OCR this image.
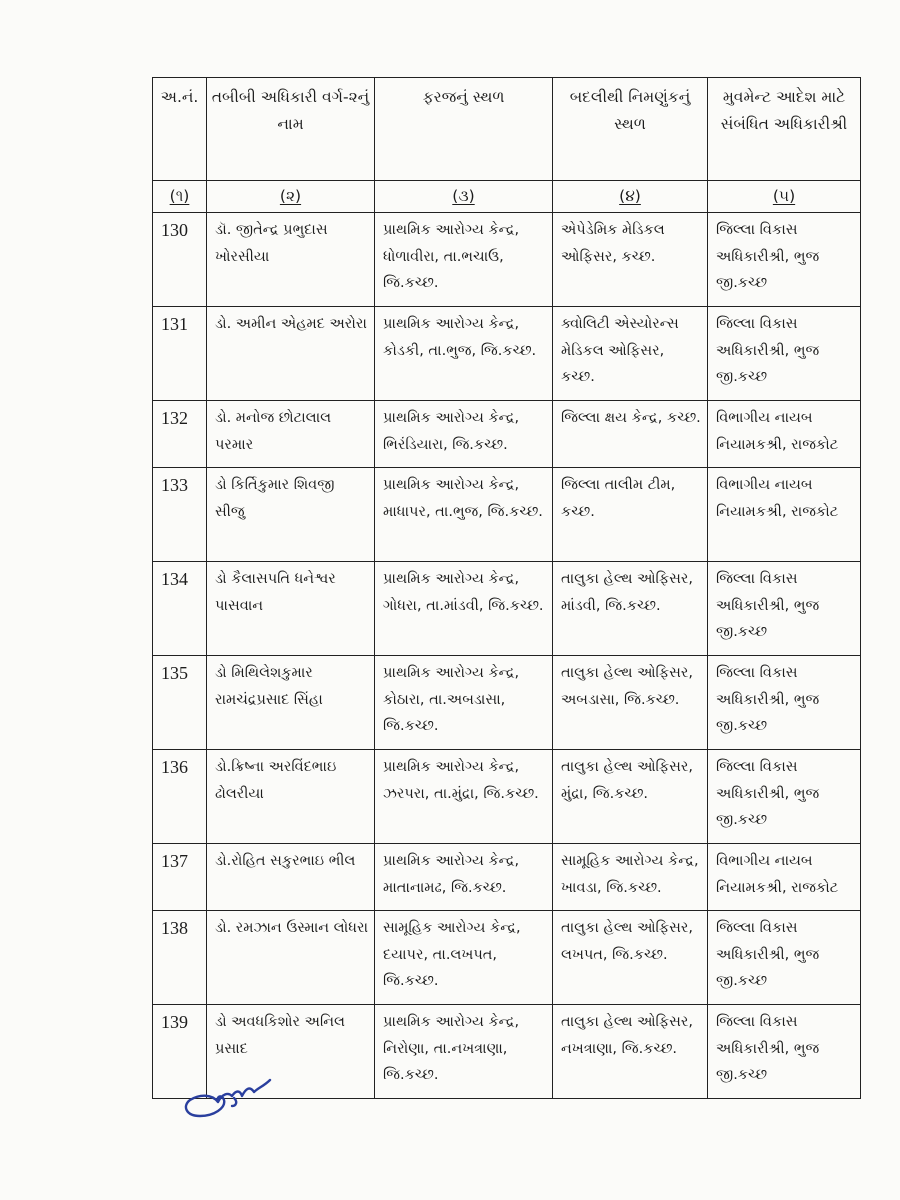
અ.નં.	તબીબી અધિકારી વર્ગ-૨નું નામ	ફરજનું સ્થળ	બદલીથી નિમણુંકનું સ્થળ	મુવમેન્ટ આદેશ માટે સંબંધિત અધિકારીશ્રી
(૧)	(૨)	(૩)	(૪)	(૫)
130	ડૉ. જીતેન્દ્ર પ્રભુદાસ ખોરસીયા	પ્રાથમિક આરોગ્ય કેન્દ્ર, ધોળાવીરા, તા.ભચાઉ, જિ.કચ્છ.	એપેડેમિક મેડિકલ ઓફિસર, કચ્છ.	જિલ્લા વિકાસ અધિકારીશ્રી, ભુજ જી.કચ્છ
131	ડો. અમીન એહમદ અરોરા	પ્રાથમિક આરોગ્ય કેન્દ્ર, કોડકી, તા.ભુજ, જિ.કચ્છ.	ક્વોલિટી એસ્યોરન્સ મેડિકલ ઓફિસર, કચ્છ.	જિલ્લા વિકાસ અધિકારીશ્રી, ભુજ જી.કચ્છ
132	ડો. મનોજ છોટાલાલ પરમાર	પ્રાથમિક આરોગ્ય કેન્દ્ર, ભિરંડિયારા, જિ.કચ્છ.	જિલ્લા ક્ષય કેન્દ્ર, કચ્છ.	વિભાગીય નાયબ નિયામકશ્રી, રાજકોટ
133	ડો કિર્તિકુમાર શિવજી સીજુ	પ્રાથમિક આરોગ્ય કેન્દ્ર, માધાપર, તા.ભુજ, જિ.કચ્છ.	જિલ્લા તાલીમ ટીમ, કચ્છ.	વિભાગીય નાયબ નિયામકશ્રી, રાજકોટ
134	ડો કૈલાસપતિ ધનેશ્વર પાસવાન	પ્રાથમિક આરોગ્ય કેન્દ્ર, ગોધરા, તા.માંડવી, જિ.કચ્છ.	તાલુકા હેલ્થ ઓફિસર, માંડવી, જિ.કચ્છ.	જિલ્લા વિકાસ અધિકારીશ્રી, ભુજ જી.કચ્છ
135	ડો મિથિલેશકુમાર રામચંદ્રપ્રસાદ સિંહા	પ્રાથમિક આરોગ્ય કેન્દ્ર, કોઠારા, તા.અબડાસા, જિ.કચ્છ.	તાલુકા હેલ્થ ઓફિસર, અબડાસા, જિ.કચ્છ.	જિલ્લા વિકાસ અધિકારીશ્રી, ભુજ જી.કચ્છ
136	ડો.ક્રિષ્ના અરવિંદભાઇ ઢોલરીયા	પ્રાથમિક આરોગ્ય કેન્દ્ર, ઝરપરા, તા.મુંદ્રા, જિ.કચ્છ.	તાલુકા હેલ્થ ઓફિસર, મુંદ્રા, જિ.કચ્છ.	જિલ્લા વિકાસ અધિકારીશ્રી, ભુજ જી.કચ્છ
137	ડો.રોહિત સકુરભાઇ ભીલ	પ્રાથમિક આરોગ્ય કેન્દ્ર, માતાનામઢ, જિ.કચ્છ.	સામૂહિક આરોગ્ય કેન્દ્ર, ખાવડા, જિ.કચ્છ.	વિભાગીય નાયબ નિયામકશ્રી, રાજકોટ
138	ડો. રમઝાન ઉસ્માન લોધરા	સામૂહિક આરોગ્ય કેન્દ્ર, દયાપર, તા.લખપત, જિ.કચ્છ.	તાલુકા હેલ્થ ઓફિસર, લખપત, જિ.કચ્છ.	જિલ્લા વિકાસ અધિકારીશ્રી, ભુજ જી.કચ્છ
139	ડો અવધકિશોર અનિલ પ્રસાદ	પ્રાથમિક આરોગ્ય કેન્દ્ર, નિરોણા, તા.નખત્રાણા, જિ.કચ્છ.	તાલુકા હેલ્થ ઓફિસર, નખત્રાણા, જિ.કચ્છ.	જિલ્લા વિકાસ અધિકારીશ્રી, ભુજ જી.કચ્છ
